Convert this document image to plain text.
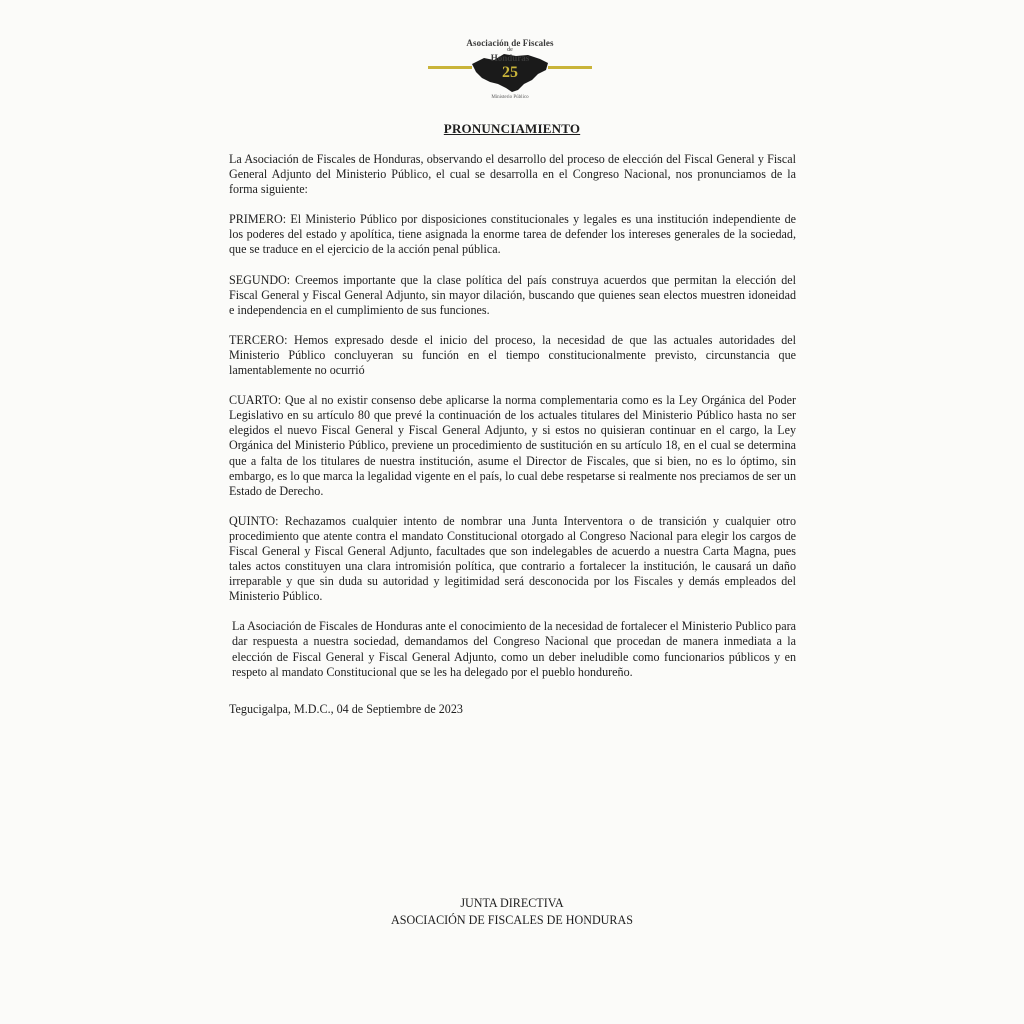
25
Asociación de Fiscales
de
Honduras
Ministerio Público
PRONUNCIAMIENTO

La Asociación de Fiscales de Honduras, observando el desarrollo del proceso de elección del Fiscal General y Fiscal General Adjunto del Ministerio Público, el cual se desarrolla en el Congreso Nacional, nos pronunciamos de la forma siguiente:

PRIMERO: El Ministerio Público por disposiciones constitucionales y legales es una institución independiente de los poderes del estado y apolítica, tiene asignada la enorme tarea de defender los intereses generales de la sociedad, que se traduce en el ejercicio de la acción penal pública.

SEGUNDO: Creemos importante que la clase política del país construya acuerdos que permitan la elección del Fiscal General y Fiscal General Adjunto, sin mayor dilación, buscando que quienes sean electos muestren idoneidad e independencia en el cumplimiento de sus funciones.

TERCERO: Hemos expresado desde el inicio del proceso, la necesidad de que las actuales autoridades del Ministerio Público concluyeran su función en el tiempo constitucionalmente previsto, circunstancia que lamentablemente no ocurrió

CUARTO: Que al no existir consenso debe aplicarse la norma complementaria como es la Ley Orgánica del Poder Legislativo en su artículo 80 que prevé la continuación de los actuales titulares del Ministerio Público hasta no ser elegidos el nuevo Fiscal General y Fiscal General Adjunto, y si estos no quisieran continuar en el cargo, la Ley Orgánica del Ministerio Público, previene un procedimiento de sustitución en su artículo 18, en el cual se determina que a falta de los titulares de nuestra institución, asume el Director de Fiscales, que si bien, no es lo óptimo, sin embargo, es lo que marca la legalidad vigente en el país, lo cual debe respetarse si realmente nos preciamos de ser un Estado de Derecho.

QUINTO: Rechazamos cualquier intento de nombrar una Junta Interventora o de transición y cualquier otro procedimiento que atente contra el mandato Constitucional otorgado al Congreso Nacional para elegir los cargos de Fiscal General y Fiscal General Adjunto, facultades que son indelegables de acuerdo a nuestra Carta Magna, pues tales actos constituyen una clara intromisión política, que contrario a fortalecer la institución, le causará un daño irreparable y que sin duda su autoridad y legitimidad será desconocida por los Fiscales y demás empleados del Ministerio Público.

La Asociación de Fiscales de Honduras ante el conocimiento de la necesidad de fortalecer el Ministerio Publico para dar respuesta a nuestra sociedad, demandamos del Congreso Nacional que procedan de manera inmediata a la elección de Fiscal General y Fiscal General Adjunto, como un deber ineludible como funcionarios públicos y en respeto al mandato Constitucional que se les ha delegado por el pueblo hondureño.

Tegucigalpa, M.D.C., 04 de Septiembre de 2023

JUNTA DIRECTIVA
ASOCIACIÓN DE FISCALES DE HONDURAS
